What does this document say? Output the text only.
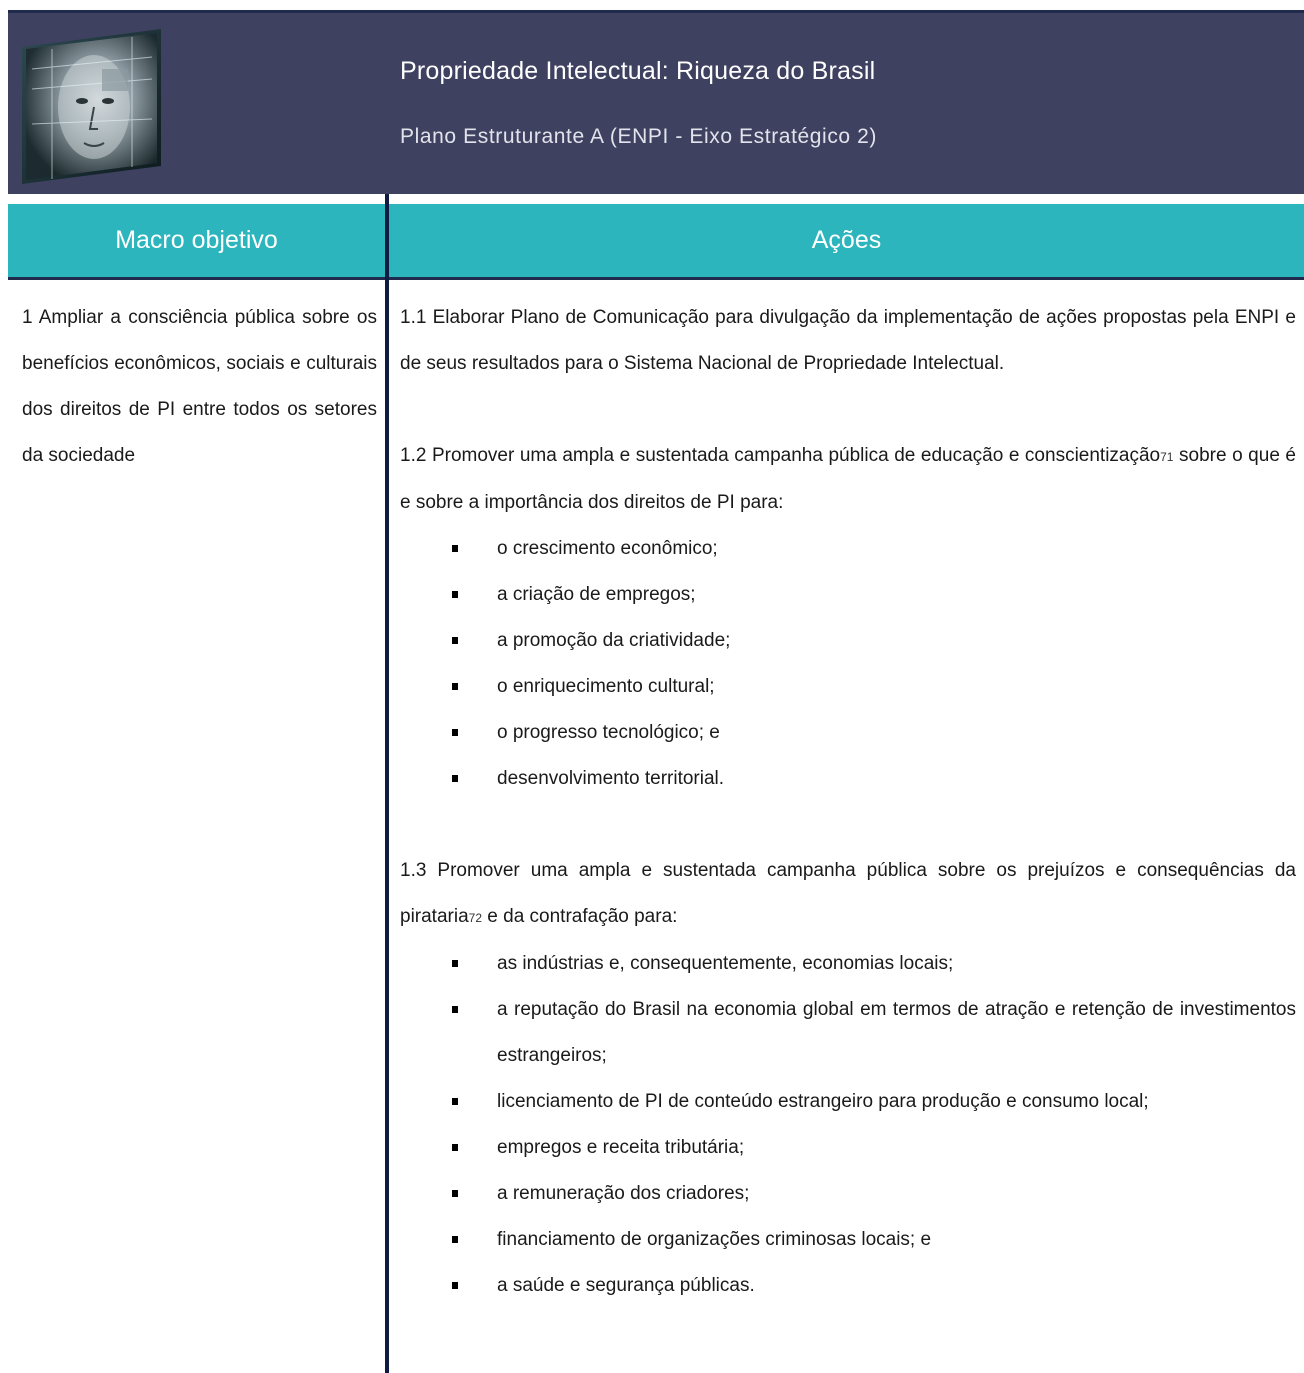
Propriedade Intelectual: Riqueza do Brasil
Plano Estruturante A (ENPI - Eixo Estratégico 2)
Macro objetivo	Ações
1 Ampliar a consciência pública sobre os benefícios econômicos, sociais e culturais dos direitos de PI entre todos os setores da sociedade

1.1 Elaborar Plano de Comunicação para divulgação da implementação de ações propostas pela ENPI e de seus resultados para o Sistema Nacional de Propriedade Intelectual.

1.2 Promover uma ampla e sustentada campanha pública de educação e conscientização71 sobre o que é e sobre a importância dos direitos de PI para:

o crescimento econômico;
a criação de empregos;
a promoção da criatividade;
o enriquecimento cultural;
o progresso tecnológico; e
desenvolvimento territorial.

1.3 Promover uma ampla e sustentada campanha pública sobre os prejuízos e consequências da pirataria72 e da contrafação para:

as indústrias e, consequentemente, economias locais;
a reputação do Brasil na economia global em termos de atração e retenção de investimentos estrangeiros;
licenciamento de PI de conteúdo estrangeiro para produção e consumo local;
empregos e receita tributária;
a remuneração dos criadores;
financiamento de organizações criminosas locais; e
a saúde e segurança públicas.
